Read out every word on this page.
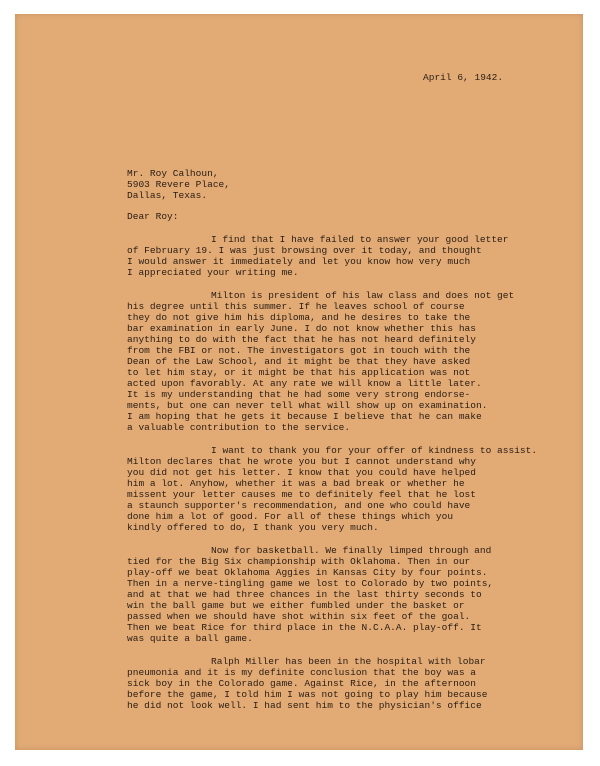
April 6, 1942.
Mr. Roy Calhoun,
5903 Revere Place,
Dallas, Texas.
Dear Roy:
I find that I have failed to answer your good letter
of February 19. I was just browsing over it today, and thought
I would answer it immediately and let you know how very much
I appreciated your writing me.
Milton is president of his law class and does not get
his degree until this summer. If he leaves school of course
they do not give him his diploma, and he desires to take the
bar examination in early June. I do not know whether this has
anything to do with the fact that he has not heard definitely
from the FBI or not. The investigators got in touch with the
Dean of the Law School, and it might be that they have asked
to let him stay, or it might be that his application was not
acted upon favorably. At any rate we will know a little later.
It is my understanding that he had some very strong endorse-
ments, but one can never tell what will show up on examination.
I am hoping that he gets it because I believe that he can make
a valuable contribution to the service.
I want to thank you for your offer of kindness to assist.
Milton declares that he wrote you but I cannot understand why
you did not get his letter. I know that you could have helped
him a lot. Anyhow, whether it was a bad break or whether he
missent your letter causes me to definitely feel that he lost
a staunch supporter's recommendation, and one who could have
done him a lot of good. For all of these things which you
kindly offered to do, I thank you very much.
Now for basketball. We finally limped through and
tied for the Big Six championship with Oklahoma. Then in our
play-off we beat Oklahoma Aggies in Kansas City by four points.
Then in a nerve-tingling game we lost to Colorado by two points,
and at that we had three chances in the last thirty seconds to
win the ball game but we either fumbled under the basket or
passed when we should have shot within six feet of the goal.
Then we beat Rice for third place in the N.C.A.A. play-off. It
was quite a ball game.
Ralph Miller has been in the hospital with lobar
pneumonia and it is my definite conclusion that the boy was a
sick boy in the Colorado game. Against Rice, in the afternoon
before the game, I told him I was not going to play him because
he did not look well. I had sent him to the physician's office
